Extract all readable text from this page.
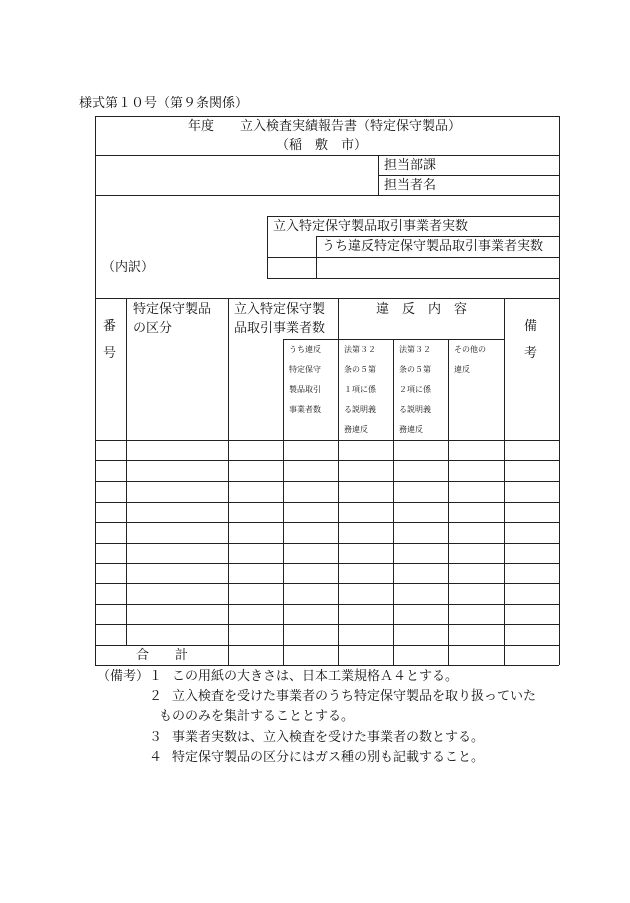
様式第１０号（第９条関係）
年度　　立入検査実績報告書（特定保守製品）
（稲　敷　市）
担当部課
担当者名
立入特定保守製品取引事業者実数
うち違反特定保守製品取引事業者実数
（内訳）
番
号
特定保守製品
の区分
立入特定保守製
品取引事業者数
違　反　内　容
備
考
うち違反
特定保守
製品取引
事業者数
法第３２
条の５第
１項に係
る説明義
務違反
法第３２
条の５第
２項に係
る説明義
務違反
その他の
違反
合　　計
（備考） １ この用紙の大きさは、日本工業規格Ａ４とする。
２ 立入検査を受けた事業者のうち特定保守製品を取り扱っていた
もののみを集計することとする。
３ 事業者実数は、立入検査を受けた事業者の数とする。
４ 特定保守製品の区分にはガス種の別も記載すること。
